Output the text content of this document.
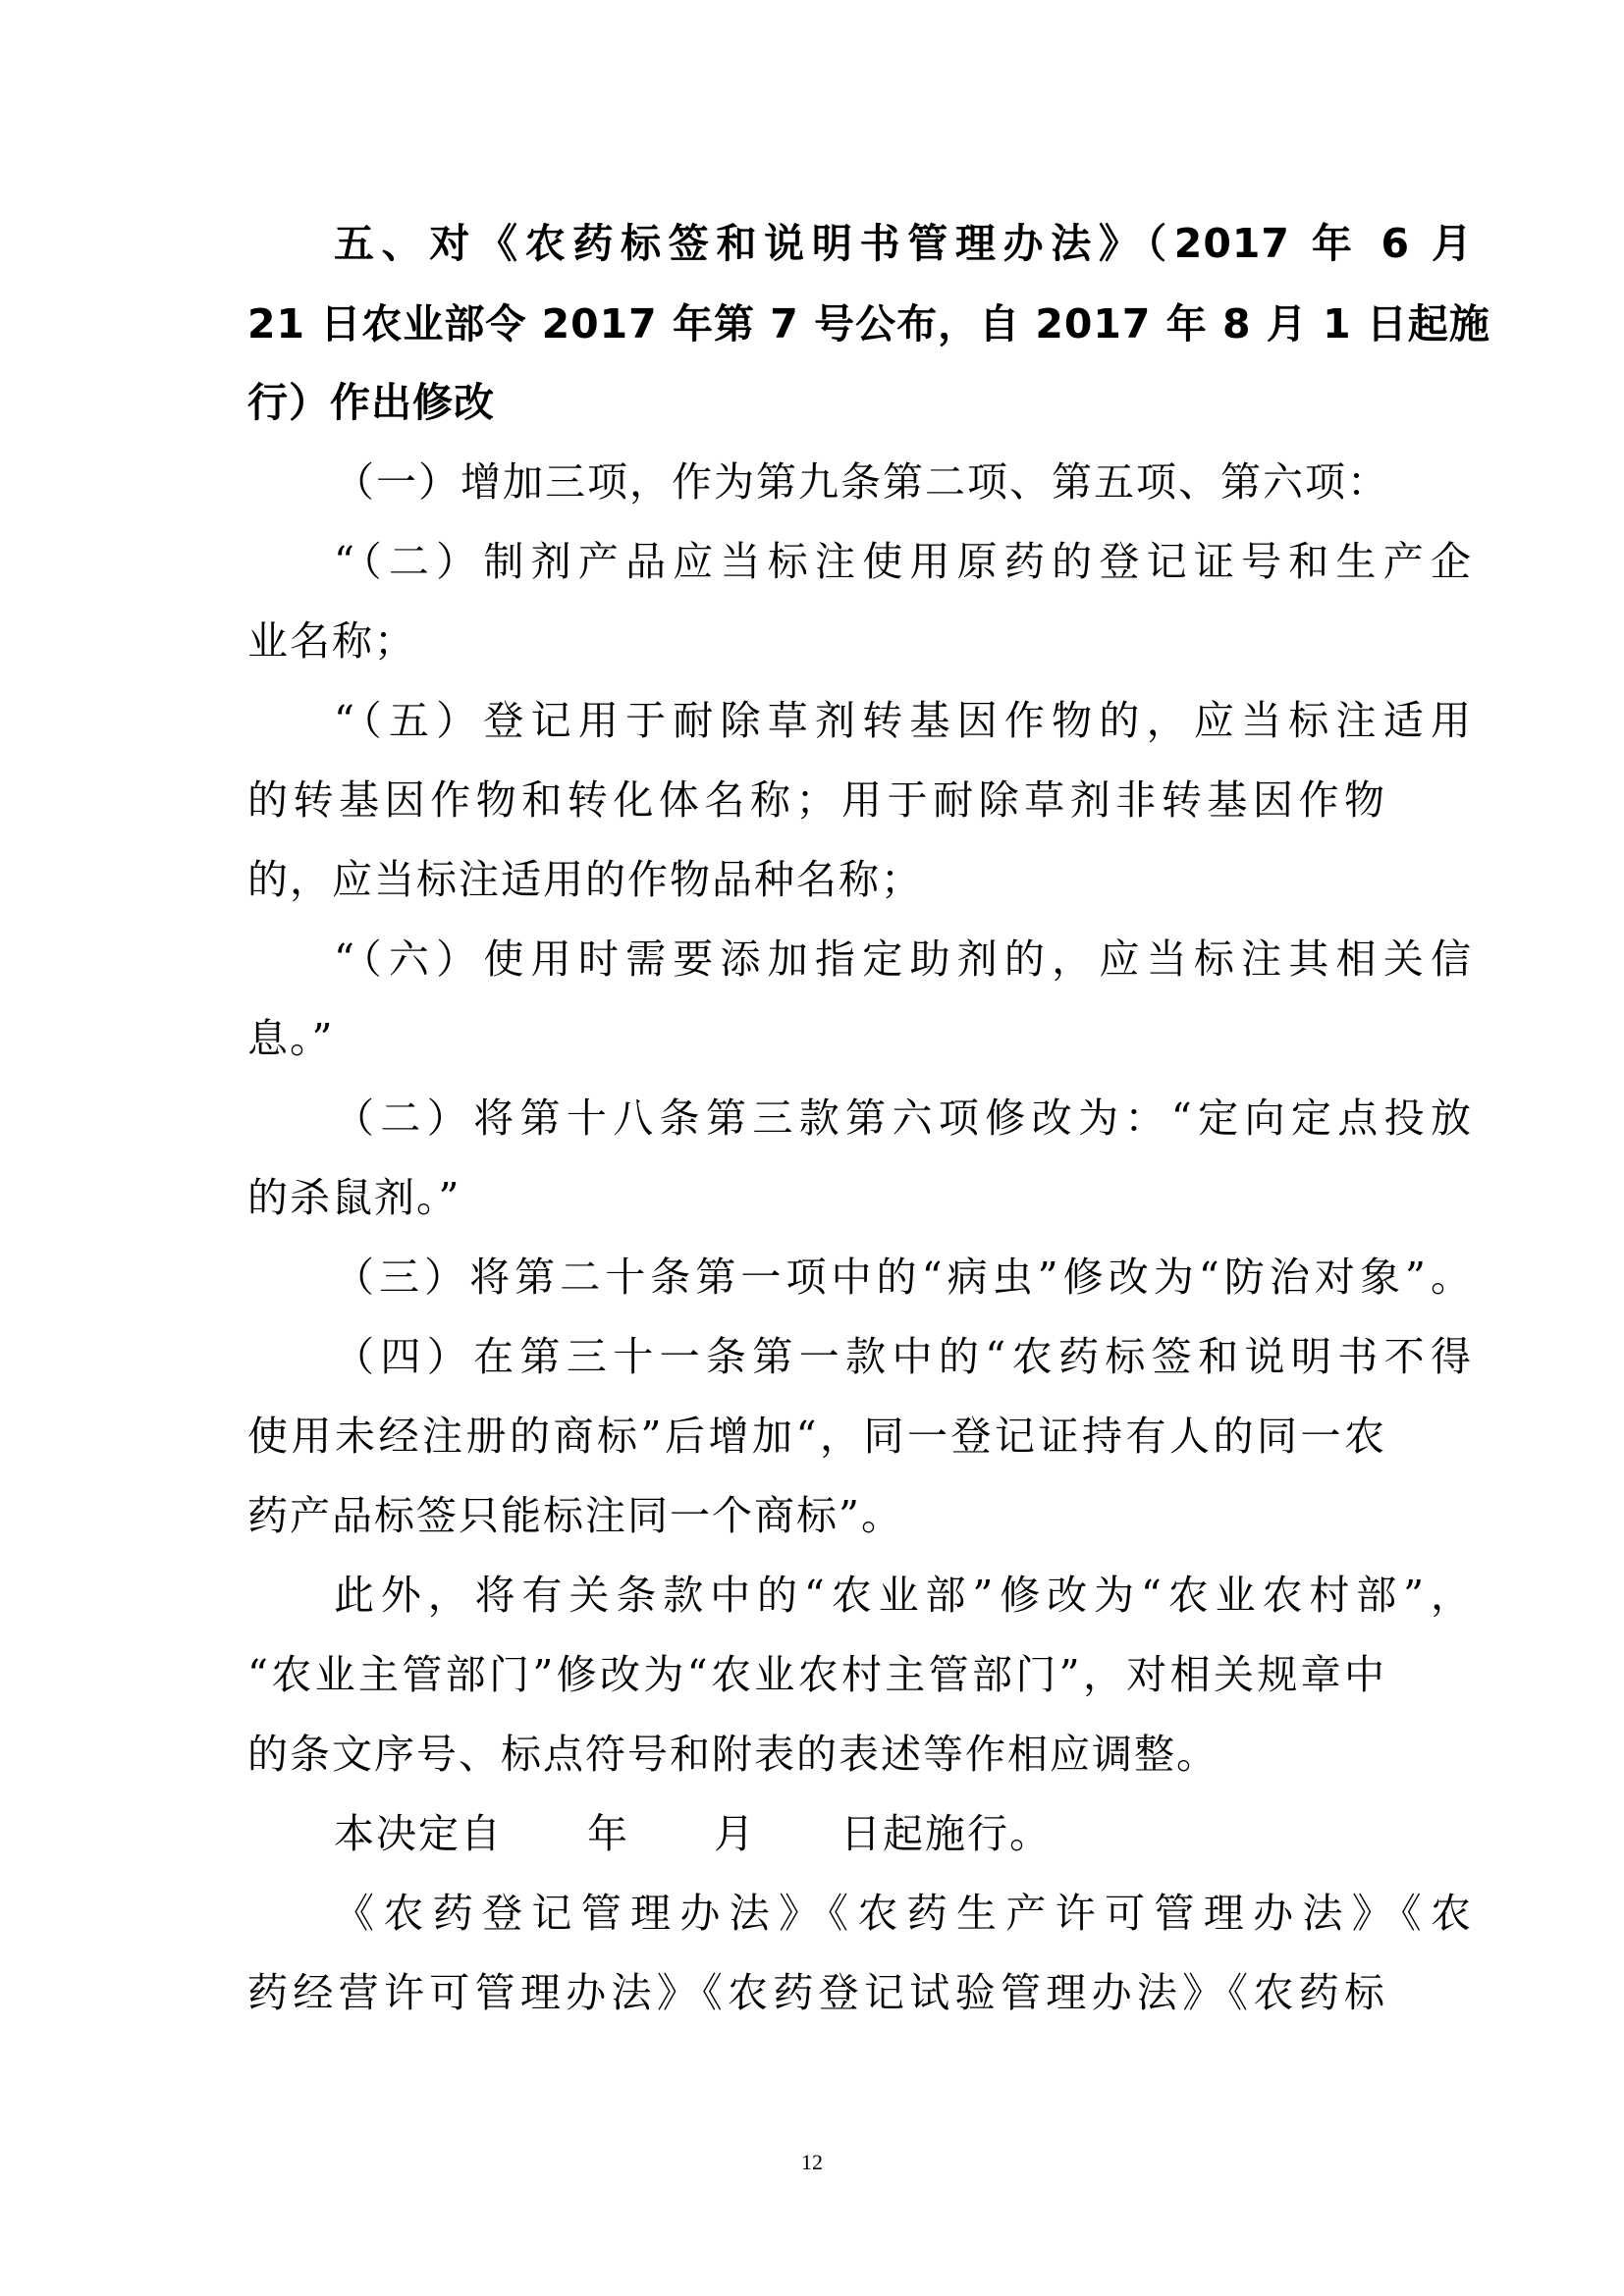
五、对《农药标签和说明书管理办法》（2017 年 6 月
21 日农业部令 2017 年第 7 号公布，自 2017 年 8 月 1 日起施
行）作出修改
（一）增加三项，作为第九条第二项、第五项、第六项：
“（二）制剂产品应当标注使用原药的登记证号和生产企
业名称；
“（五）登记用于耐除草剂转基因作物的，应当标注适用
的转基因作物和转化体名称；用于耐除草剂非转基因作物
的，应当标注适用的作物品种名称；
“（六）使用时需要添加指定助剂的，应当标注其相关信
息。”
（二）将第十八条第三款第六项修改为：“定向定点投放
的杀鼠剂。”
（三）将第二十条第一项中的“病虫”修改为“防治对象”。
（四）在第三十一条第一款中的“农药标签和说明书不得
使用未经注册的商标”后增加“，同一登记证持有人的同一农
药产品标签只能标注同一个商标”。
此外，将有关条款中的“农业部”修改为“农业农村部”，
“农业主管部门”修改为“农业农村主管部门”，对相关规章中
的条文序号、标点符号和附表的表述等作相应调整。
本决定自　　年　　月　　日起施行。
《农药登记管理办法》《农药生产许可管理办法》《农
药经营许可管理办法》《农药登记试验管理办法》《农药标
12
